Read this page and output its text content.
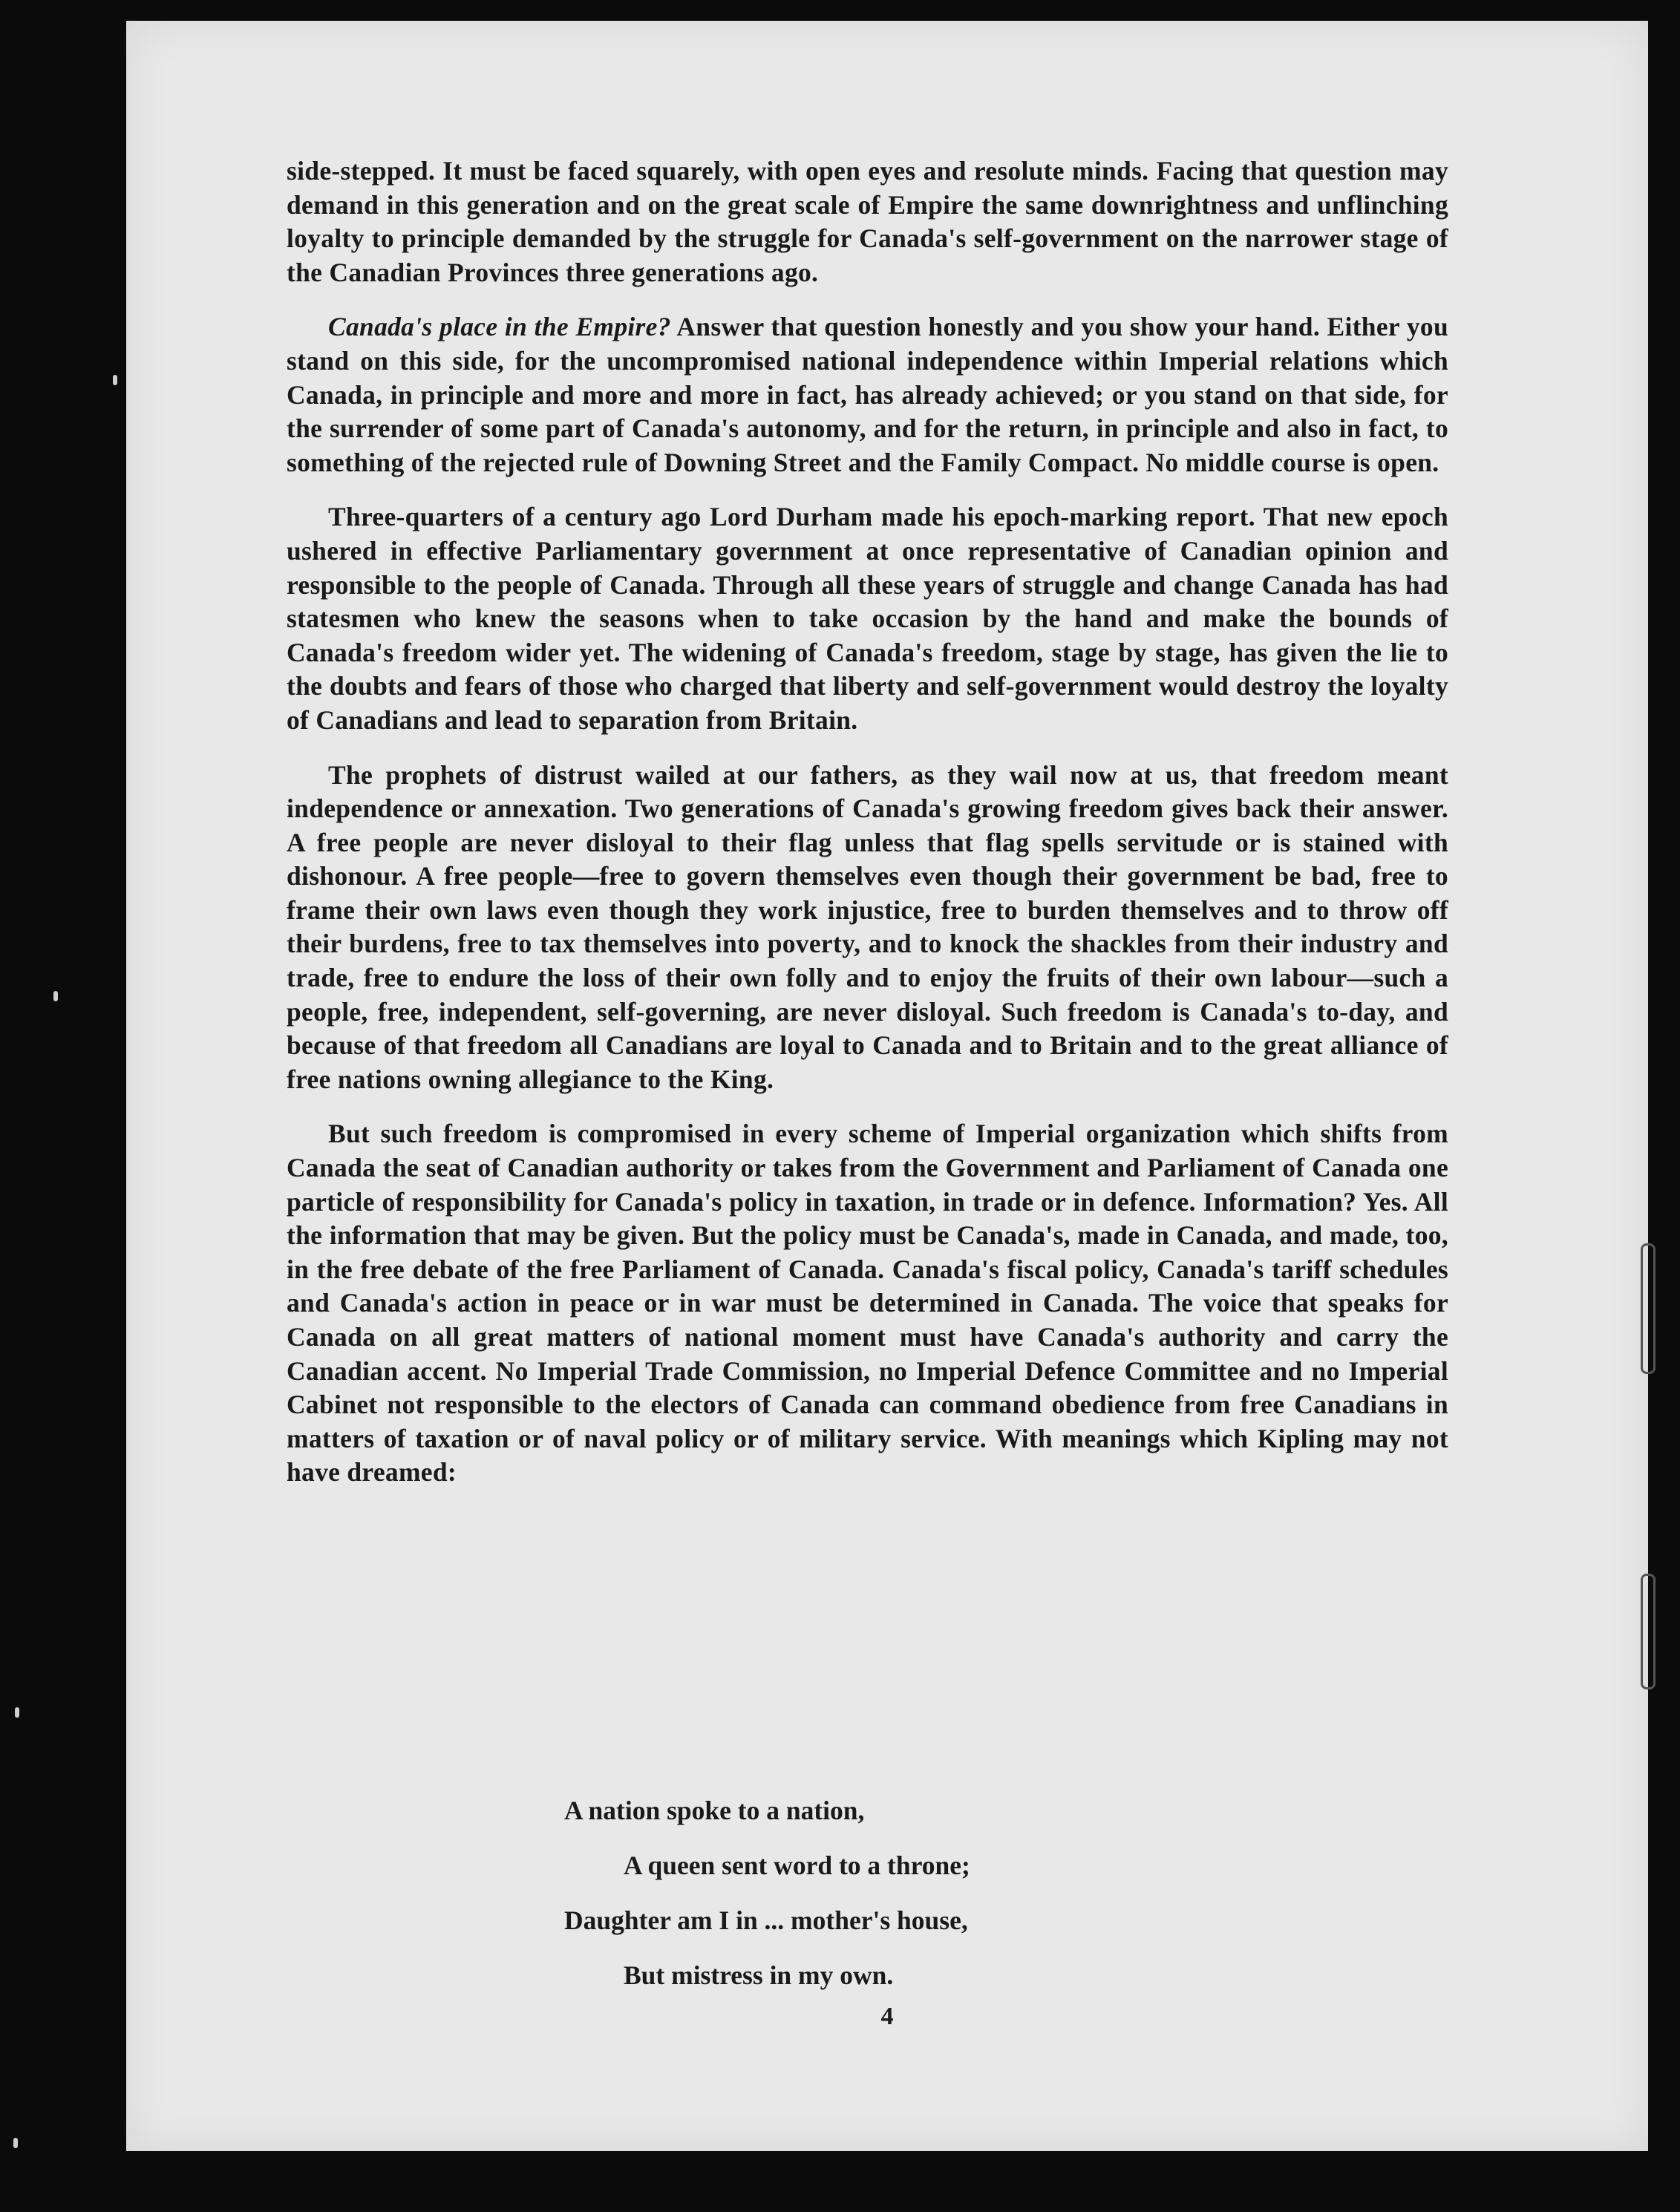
side-stepped. It must be faced squarely, with open eyes and resolute minds. Facing that question may demand in this generation and on the great scale of Empire the same downrightness and unflinching loyalty to principle demanded by the struggle for Canada's self-government on the narrower stage of the Canadian Provinces three generations ago.

Canada's place in the Empire? Answer that question honestly and you show your hand. Either you stand on this side, for the uncompromised national independence within Imperial relations which Canada, in principle and more and more in fact, has already achieved; or you stand on that side, for the surrender of some part of Canada's autonomy, and for the return, in principle and also in fact, to something of the rejected rule of Downing Street and the Family Compact. No middle course is open.

Three-quarters of a century ago Lord Durham made his epoch-marking report. That new epoch ushered in effective Parliamentary government at once representative of Canadian opinion and responsible to the people of Canada. Through all these years of struggle and change Canada has had statesmen who knew the seasons when to take occasion by the hand and make the bounds of Canada's freedom wider yet. The widening of Canada's freedom, stage by stage, has given the lie to the doubts and fears of those who charged that liberty and self-government would destroy the loyalty of Canadians and lead to separation from Britain.

The prophets of distrust wailed at our fathers, as they wail now at us, that freedom meant independence or annexation. Two generations of Canada's growing freedom gives back their answer. A free people are never disloyal to their flag unless that flag spells servitude or is stained with dishonour. A free people—free to govern themselves even though their government be bad, free to frame their own laws even though they work injustice, free to burden themselves and to throw off their burdens, free to tax themselves into poverty, and to knock the shackles from their industry and trade, free to endure the loss of their own folly and to enjoy the fruits of their own labour—such a people, free, independent, self-governing, are never disloyal. Such freedom is Canada's to-day, and because of that freedom all Canadians are loyal to Canada and to Britain and to the great alliance of free nations owning allegiance to the King.

But such freedom is compromised in every scheme of Imperial organization which shifts from Canada the seat of Canadian authority or takes from the Government and Parliament of Canada one particle of responsibility for Canada's policy in taxation, in trade or in defence. Information? Yes. All the information that may be given. But the policy must be Canada's, made in Canada, and made, too, in the free debate of the free Parliament of Canada. Canada's fiscal policy, Canada's tariff schedules and Canada's action in peace or in war must be determined in Canada. The voice that speaks for Canada on all great matters of national moment must have Canada's authority and carry the Canadian accent. No Imperial Trade Commission, no Imperial Defence Committee and no Imperial Cabinet not responsible to the electors of Canada can command obedience from free Canadians in matters of taxation or of naval policy or of military service. With meanings which Kipling may not have dreamed:

A nation spoke to a nation,
A queen sent word to a throne;
Daughter am I in ... mother's house,
But mistress in my own.
4
